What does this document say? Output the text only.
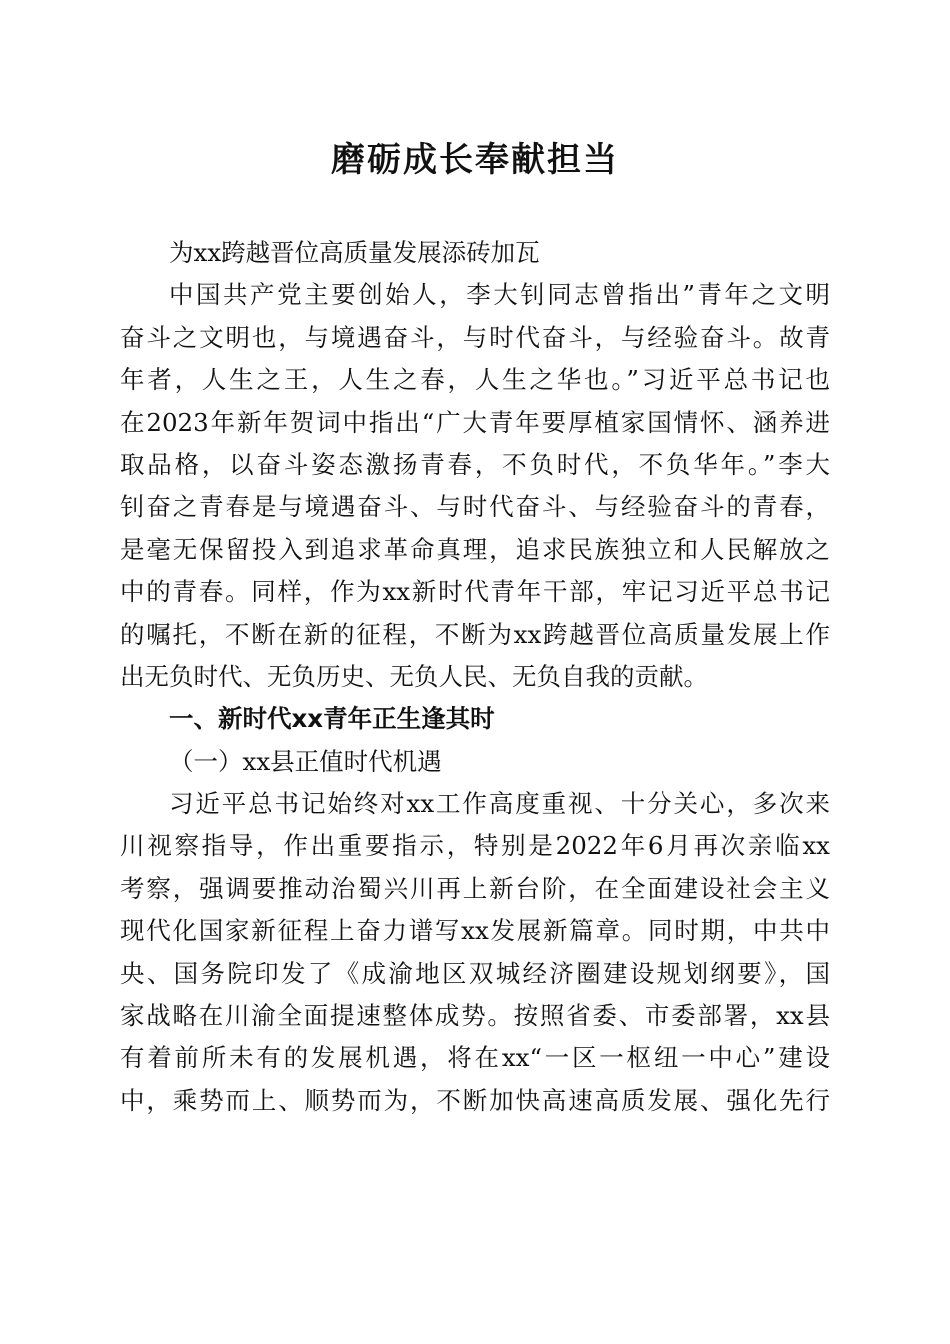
磨砺成长奉献担当
为xx跨越晋位高质量发展添砖加瓦
中国共产党主要创始人，李大钊同志曾指出”青年之文明
奋斗之文明也，与境遇奋斗，与时代奋斗，与经验奋斗。故青
年者，人生之王，人生之春，人生之华也。”习近平总书记也
在2023年新年贺词中指出“广大青年要厚植家国情怀、涵养进
取品格，以奋斗姿态激扬青春，不负时代，不负华年。”李大
钊奋之青春是与境遇奋斗、与时代奋斗、与经验奋斗的青春，
是毫无保留投入到追求革命真理，追求民族独立和人民解放之
中的青春。同样，作为xx新时代青年干部，牢记习近平总书记
的嘱托，不断在新的征程，不断为xx跨越晋位高质量发展上作
出无负时代、无负历史、无负人民、无负自我的贡献。
一、新时代xx青年正生逢其时
（一）xx县正值时代机遇
习近平总书记始终对xx工作高度重视、十分关心，多次来
川视察指导，作出重要指示，特别是2022年6月再次亲临xx
考察，强调要推动治蜀兴川再上新台阶，在全面建设社会主义
现代化国家新征程上奋力谱写xx发展新篇章。同时期，中共中
央、国务院印发了《成渝地区双城经济圈建设规划纲要》，国
家战略在川渝全面提速整体成势。按照省委、市委部署，xx县
有着前所未有的发展机遇，将在xx“一区一枢纽一中心”建设
中，乘势而上、顺势而为，不断加快高速高质发展、强化先行
